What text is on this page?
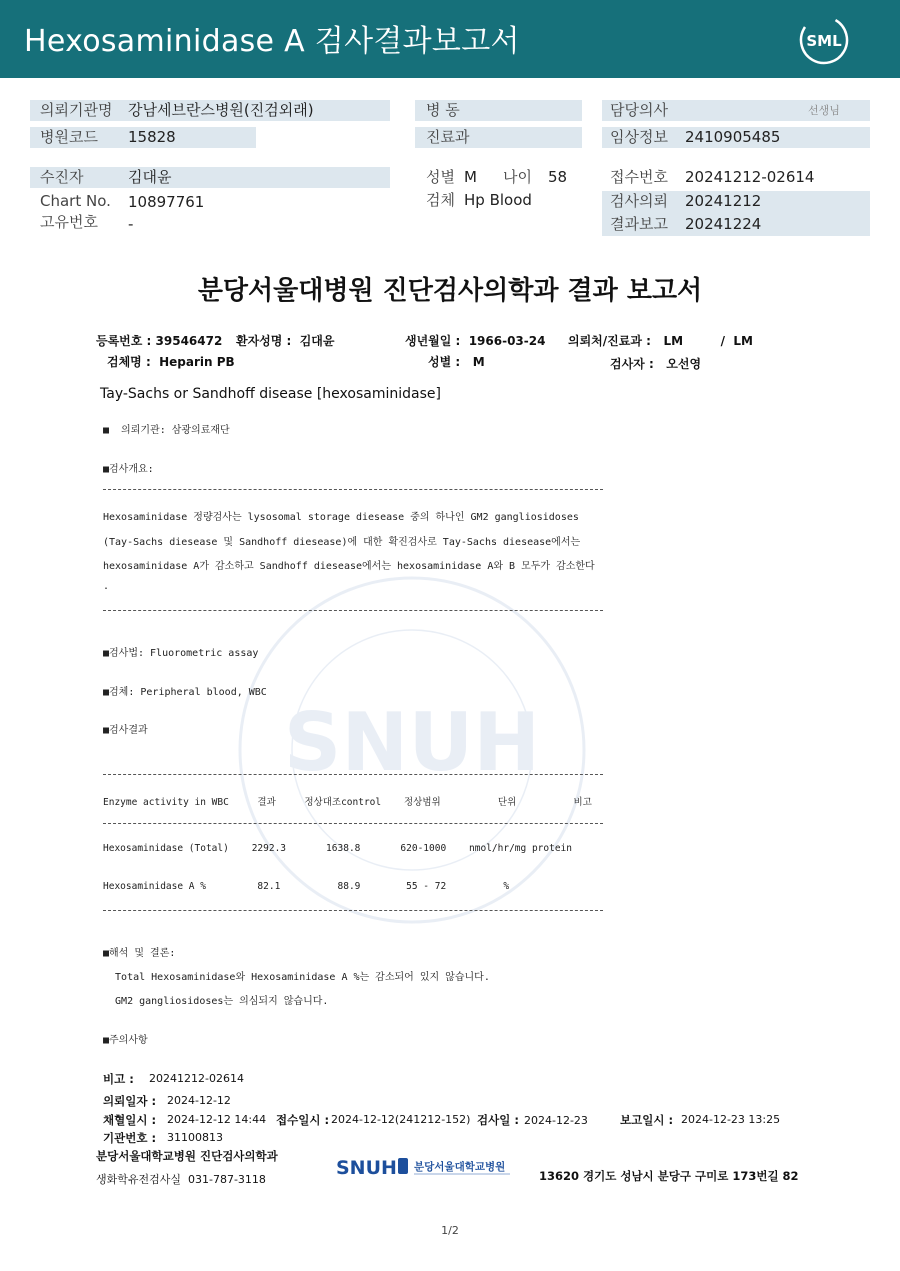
Hexosaminidase A 검사결과보고서	SML
의뢰기관명 강남세브란스병원(진검외래)
병원코드 15828
병 동
진료과
담당의사	선생님
임상정보 2410905485
수진자	김대윤
Chart No. 10897761
고유번호 -
성별 M 나이 58
검체 Hp Blood
접수번호 20241212-02614
검사의뢰 20241212
결과보고 20241224
SNUH
분당서울대병원 진단검사의학과 결과 보고서
등록번호 : 39546472 환자성명 :  김대윤	생년월일 :  1966-03-24 의뢰처/진료과 :   LM         /  LM
검체명 :  Heparin PB	성별 :   M	검사자 :   오선영
Tay-Sachs or Sandhoff disease [hexosaminidase]
■  의뢰기관: 삼광의료재단
■검사개요:
Hexosaminidase 정량검사는 lysosomal storage diesease 중의 하나인 GM2 gangliosidoses
(Tay-Sachs diesease 및 Sandhoff diesease)에 대한 확진검사로 Tay-Sachs diesease에서는
hexosaminidase A가 감소하고 Sandhoff diesease에서는 hexosaminidase A와 B 모두가 감소한다
.
■검사법: Fluorometric assay
■검체: Peripheral blood, WBC
■검사결과
Enzyme activity in WBC     결과     정상대조control    정상범위          단위          비고
Hexosaminidase (Total)    2292.3       1638.8       620-1000    nmol/hr/mg protein
Hexosaminidase A %         82.1          88.9        55 - 72          %
■해석 및 결론:
Total Hexosaminidase와 Hexosaminidase A %는 감소되어 있지 않습니다.
GM2 gangliosidoses는 의심되지 않습니다.
■주의사항
비고 : 20241212-02614
의뢰일자 : 2024-12-12
채혈일시 : 2024-12-12 14:44 접수일시 : 2024-12-12(241212-152) 검사일 : 2024-12-23	보고일시 : 2024-12-23 13:25
기관번호 : 31100813
분당서울대학교병원 진단검사의학과
생화학유전검사실  031-787-3118
SNUH 분당서울대학교병원
13620 경기도 성남시 분당구 구미로 173번길 82
1/2
